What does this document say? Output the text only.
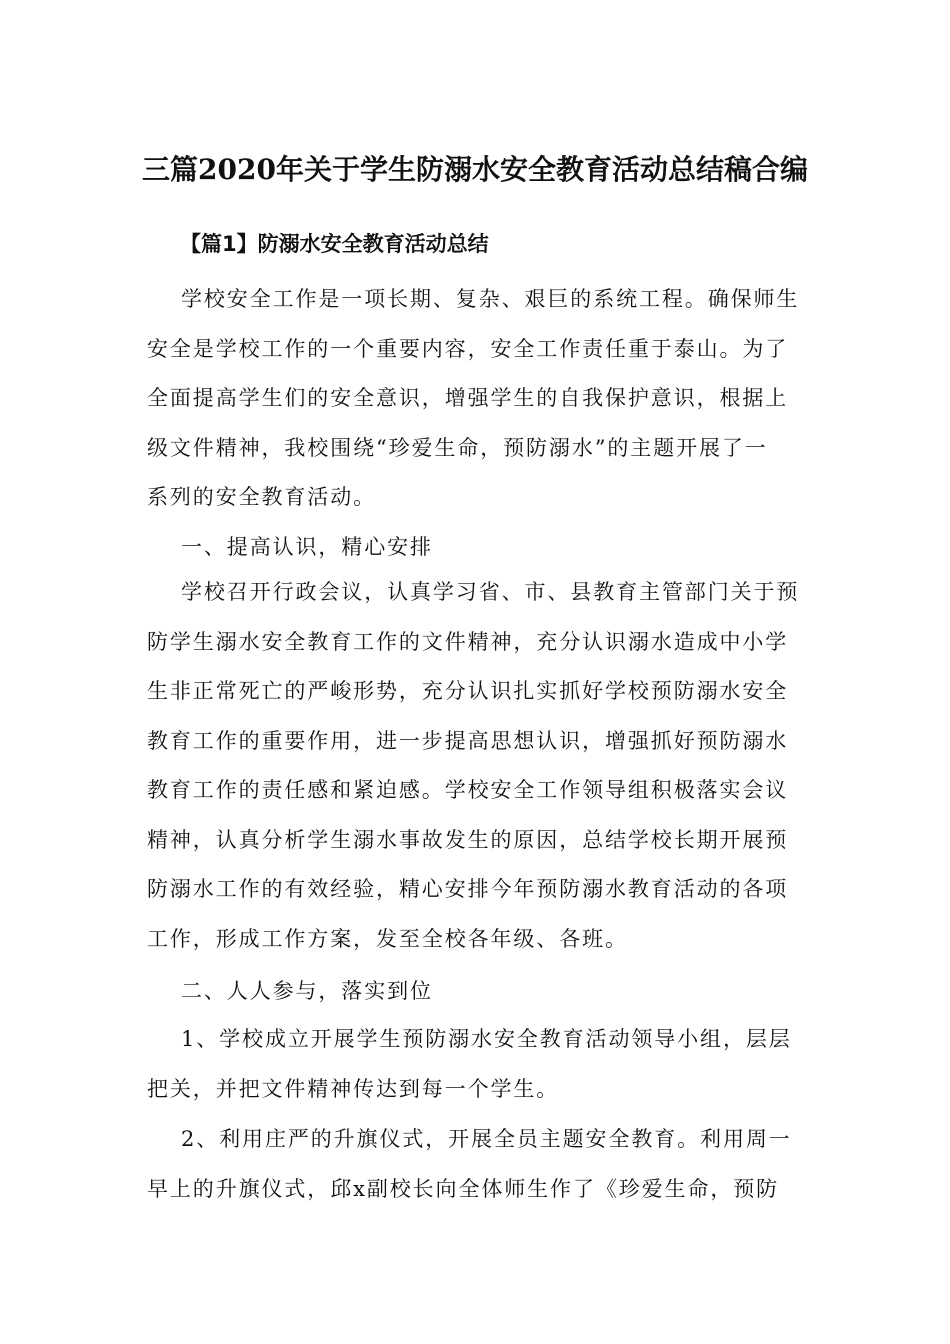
三篇2020年关于学生防溺水安全教育活动总结稿合编
【篇1】防溺水安全教育活动总结
学校安全工作是一项长期、复杂、艰巨的系统工程。确保师生
安全是学校工作的一个重要内容，安全工作责任重于泰山。为了
全面提高学生们的安全意识，增强学生的自我保护意识，根据上
级文件精神，我校围绕“珍爱生命，预防溺水”的主题开展了一
系列的安全教育活动。
一、提高认识，精心安排
学校召开行政会议，认真学习省、市、县教育主管部门关于预
防学生溺水安全教育工作的文件精神，充分认识溺水造成中小学
生非正常死亡的严峻形势，充分认识扎实抓好学校预防溺水安全
教育工作的重要作用，进一步提高思想认识，增强抓好预防溺水
教育工作的责任感和紧迫感。学校安全工作领导组积极落实会议
精神，认真分析学生溺水事故发生的原因，总结学校长期开展预
防溺水工作的有效经验，精心安排今年预防溺水教育活动的各项
工作，形成工作方案，发至全校各年级、各班。
二、人人参与，落实到位
1、学校成立开展学生预防溺水安全教育活动领导小组，层层
把关，并把文件精神传达到每一个学生。
2、利用庄严的升旗仪式，开展全员主题安全教育。利用周一
早上的升旗仪式，邱x副校长向全体师生作了《珍爱生命，预防
